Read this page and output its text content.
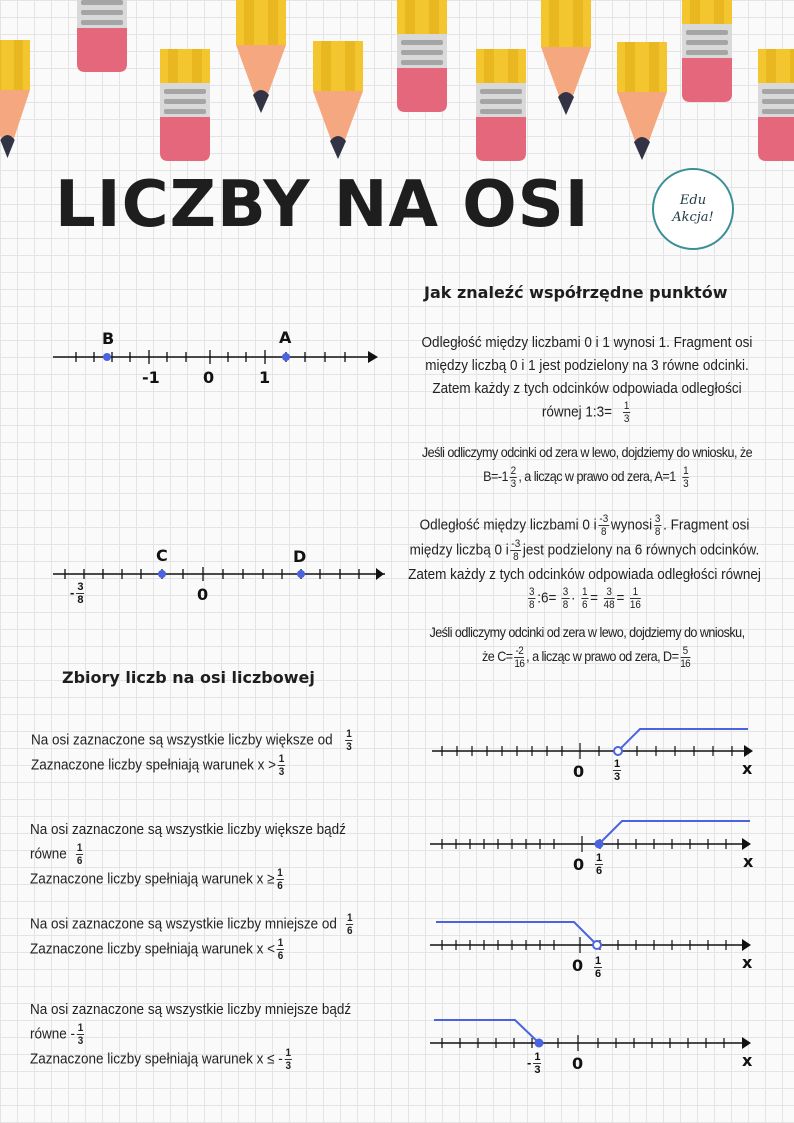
LICZBY NA OSI	Edu
Akcja!
Jak znaleźć współrzędne punktów
B	A
-1	0	1
Odległość między liczbami 0 i 1 wynosi 1. Fragment osi
między liczbą 0 i 1 jest podzielony na 3 równe odcinki.
Zatem każdy z tych odcinków odpowiada odległości
równej 1:3= $\frac{1}{3}$
Jeśli odliczymy odcinki od zera w lewo, dojdziemy do wniosku, że
$B=-1 \frac{2}{3}$ , a licząc w prawo od zera, $A=1 \frac{1}{3}$
C	D
0
- $\frac{3}{8}$
Odległość między liczbami 0 i $\frac{-3}{8}$ wynosi $\frac{3}{8}$ . Fragment osi
między liczbą 0 i $\frac{-3}{8}$ jest podzielony na 6 równych odcinków.
Zatem każdy z tych odcinków odpowiada odległości równej
$\frac{3}{8}$ :6= $\frac{3}{8} \cdot \frac{1}{6} = \frac{3}{48} = \frac{1}{16}$
Jeśli odliczymy odcinki od zera w lewo, dojdziemy do wniosku,
że $C= \frac{-2}{16}$ , a licząc w prawo od zera, $D= \frac{5}{16}$
Zbiory liczb na osi liczbowej
Na osi zaznaczone są wszystkie liczby większe od $\frac{1}{3}$
Zaznaczone liczby spełniają warunek $x > \frac{1}{3}$	0	x
$\frac{1}{3}$
Na osi zaznaczone są wszystkie liczby większe bądź
równe $\frac{1}{6}$
Zaznaczone liczby spełniają warunek $x \ge \frac{1}{6}$
0	x
$\frac{1}{6}$
Na osi zaznaczone są wszystkie liczby mniejsze od $\frac{1}{6}$
Zaznaczone liczby spełniają warunek $x < \frac{1}{6}$
0	x
$\frac{1}{6}$
Na osi zaznaczone są wszystkie liczby mniejsze bądź
równe - $\frac{1}{3}$
Zaznaczone liczby spełniają warunek x ≤ - $\frac{1}{3}$	0	x
- $\frac{1}{3}$
